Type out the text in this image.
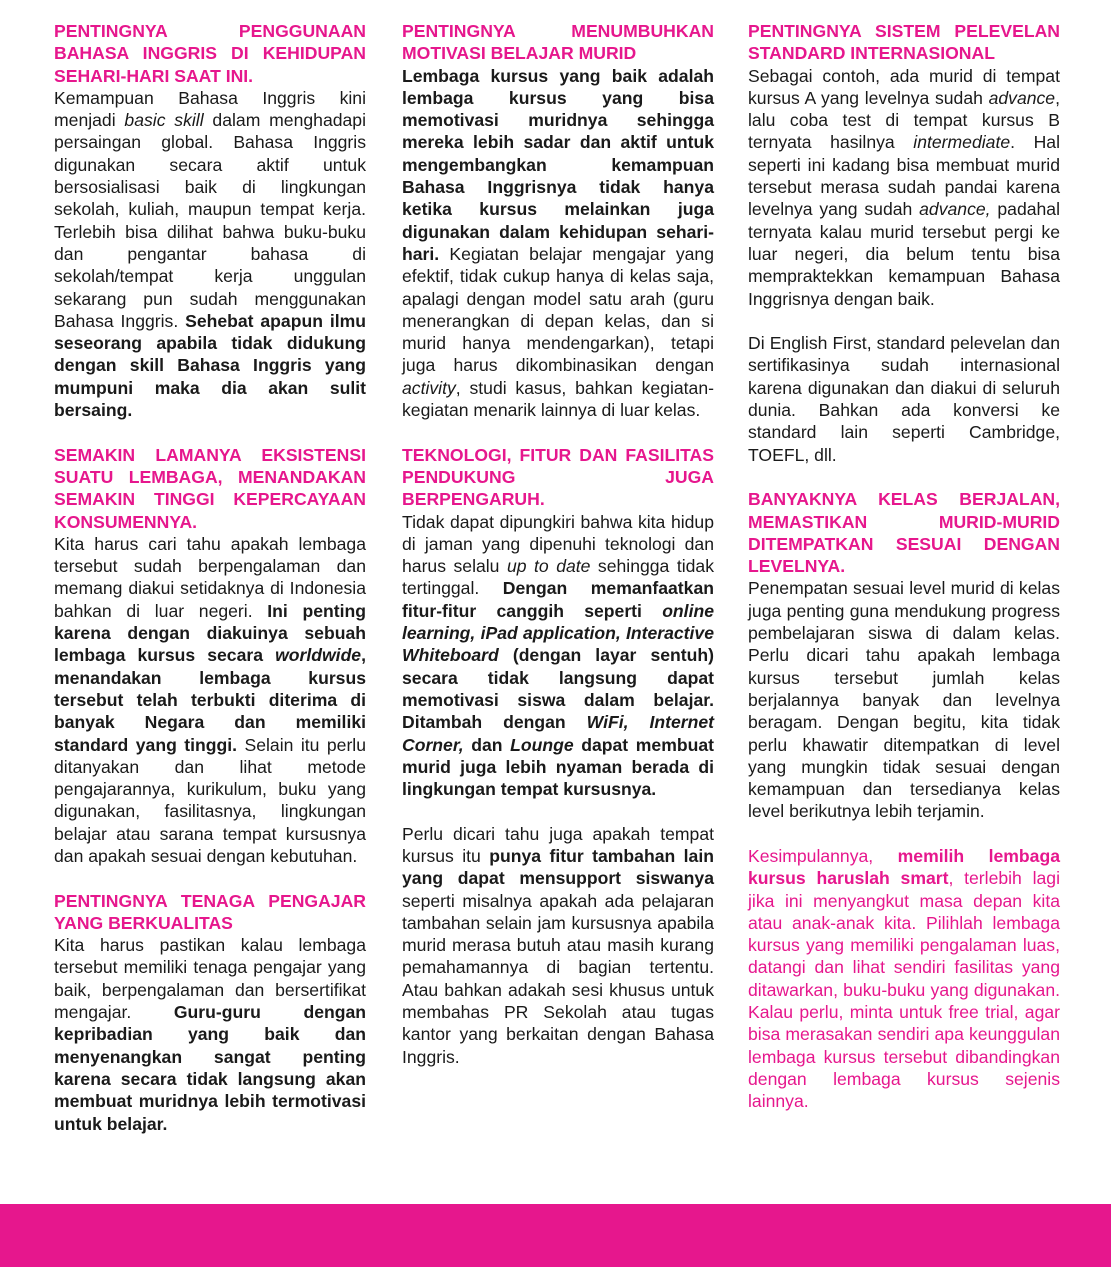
PENTINGNYA PENGGUNAAN BAHASA INGGRIS DI KEHIDUPAN SEHARI-HARI SAAT INI.

Kemampuan Bahasa Inggris kini menjadi basic skill dalam menghadapi persaingan global. Bahasa Inggris digunakan secara aktif untuk bersosialisasi baik di lingkungan sekolah, kuliah, maupun tempat kerja. Terlebih bisa dilihat bahwa buku-buku dan pengantar bahasa di sekolah/tempat kerja unggulan sekarang pun sudah menggunakan Bahasa Inggris. Sehebat apapun ilmu seseorang apabila tidak didukung dengan skill Bahasa Inggris yang mumpuni maka dia akan sulit bersaing.

SEMAKIN LAMANYA EKSISTENSI SUATU LEMBAGA, MENANDAKAN SEMAKIN TINGGI KEPERCAYAAN KONSUMENNYA.

Kita harus cari tahu apakah lembaga tersebut sudah berpengalaman dan memang diakui setidaknya di Indonesia bahkan di luar negeri. Ini penting karena dengan diakuinya sebuah lembaga kursus secara worldwide, menandakan lembaga kursus tersebut telah terbukti diterima di banyak Negara dan memiliki standard yang tinggi. Selain itu perlu ditanyakan dan lihat metode pengajarannya, kurikulum, buku yang digunakan, fasilitasnya, lingkungan belajar atau sarana tempat kursusnya dan apakah sesuai dengan kebutuhan.

PENTINGNYA TENAGA PENGAJAR YANG BERKUALITAS

Kita harus pastikan kalau lembaga tersebut memiliki tenaga pengajar yang baik, berpengalaman dan bersertifikat mengajar. Guru-guru dengan kepribadian yang baik dan menyenangkan sangat penting karena secara tidak langsung akan membuat muridnya lebih termotivasi untuk belajar.

PENTINGNYA MENUMBUHKAN MOTIVASI BELAJAR MURID

Lembaga kursus yang baik adalah lembaga kursus yang bisa memotivasi muridnya sehingga mereka lebih sadar dan aktif untuk mengembangkan kemampuan Bahasa Inggrisnya tidak hanya ketika kursus melainkan juga digunakan dalam kehidupan sehari-hari. Kegiatan belajar mengajar yang efektif, tidak cukup hanya di kelas saja, apalagi dengan model satu arah (guru menerangkan di depan kelas, dan si murid hanya mendengarkan), tetapi juga harus dikombinasikan dengan activity, studi kasus, bahkan kegiatan-kegiatan menarik lainnya di luar kelas.

TEKNOLOGI, FITUR DAN FASILITAS PENDUKUNG JUGA BERPENGARUH.

Tidak dapat dipungkiri bahwa kita hidup di jaman yang dipenuhi teknologi dan harus selalu up to date sehingga tidak tertinggal. Dengan memanfaatkan fitur-fitur canggih seperti online learning, iPad application, Interactive Whiteboard (dengan layar sentuh) secara tidak langsung dapat memotivasi siswa dalam belajar. Ditambah dengan WiFi, Internet Corner, dan Lounge dapat membuat murid juga lebih nyaman berada di lingkungan tempat kursusnya.

Perlu dicari tahu juga apakah tempat kursus itu punya fitur tambahan lain yang dapat mensupport siswanya seperti misalnya apakah ada pelajaran tambahan selain jam kursusnya apabila murid merasa butuh atau masih kurang pemahamannya di bagian tertentu. Atau bahkan adakah sesi khusus untuk membahas PR Sekolah atau tugas kantor yang berkaitan dengan Bahasa Inggris.

PENTINGNYA SISTEM PELEVELAN STANDARD INTERNASIONAL

Sebagai contoh, ada murid di tempat kursus A yang levelnya sudah advance, lalu coba test di tempat kursus B ternyata hasilnya intermediate. Hal seperti ini kadang bisa membuat murid tersebut merasa sudah pandai karena levelnya yang sudah advance, padahal ternyata kalau murid tersebut pergi ke luar negeri, dia belum tentu bisa mempraktekkan kemampuan Bahasa Inggrisnya dengan baik.

Di English First, standard pelevelan dan sertifikasinya sudah internasional karena digunakan dan diakui di seluruh dunia. Bahkan ada konversi ke standard lain seperti Cambridge, TOEFL, dll.

BANYAKNYA KELAS BERJALAN, MEMASTIKAN MURID-MURID DITEMPATKAN SESUAI DENGAN LEVELNYA.

Penempatan sesuai level murid di kelas juga penting guna mendukung progress pembelajaran siswa di dalam kelas. Perlu dicari tahu apakah lembaga kursus tersebut jumlah kelas berjalannya banyak dan levelnya beragam. Dengan begitu, kita tidak perlu khawatir ditempatkan di level yang mungkin tidak sesuai dengan kemampuan dan tersedianya kelas level berikutnya lebih terjamin.

Kesimpulannya, memilih lembaga kursus haruslah smart, terlebih lagi jika ini menyangkut masa depan kita atau anak-anak kita. Pilihlah lembaga kursus yang memiliki pengalaman luas, datangi dan lihat sendiri fasilitas yang ditawarkan, buku-buku yang digunakan. Kalau perlu, minta untuk free trial, agar bisa merasakan sendiri apa keunggulan lembaga kursus tersebut dibandingkan dengan lembaga kursus sejenis lainnya.
